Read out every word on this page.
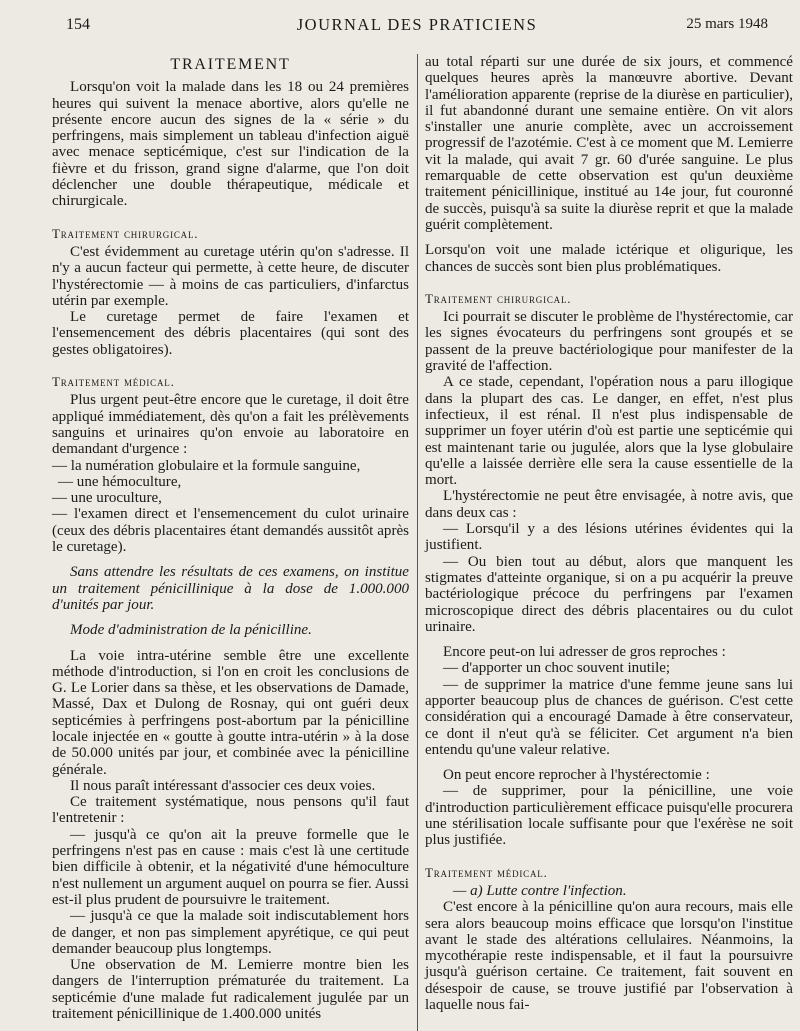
154	JOURNAL DES PRATICIENS	25 mars 1948

TRAITEMENT

Lorsqu'on voit la malade dans les 18 ou 24 premières heures qui suivent la menace abortive, alors qu'elle ne présente encore aucun des signes de la « série » du perfringens, mais simplement un tableau d'infection aiguë avec menace septicémique, c'est sur l'indication de la fièvre et du frisson, grand signe d'alarme, que l'on doit déclencher une double thérapeutique, médicale et chirurgicale.

Traitement chirurgical.

C'est évidemment au curetage utérin qu'on s'adresse. Il n'y a aucun facteur qui permette, à cette heure, de discuter l'hystérectomie — à moins de cas particuliers, d'infarctus utérin par exemple.

Le curetage permet de faire l'examen et l'ensemencement des débris placentaires (qui sont des gestes obligatoires).

Traitement médical.

Plus urgent peut-être encore que le curetage, il doit être appliqué immédiatement, dès qu'on a fait les prélèvements sanguins et urinaires qu'on envoie au laboratoire en demandant d'urgence :

— la numération globulaire et la formule sanguine,

— une hémoculture,

— une uroculture,

— l'examen direct et l'ensemencement du culot urinaire (ceux des débris placentaires étant demandés aussitôt après le curetage).

Sans attendre les résultats de ces examens, on institue un traitement pénicillinique à la dose de 1.000.000 d'unités par jour.

Mode d'administration de la pénicilline.

La voie intra-utérine semble être une excellente méthode d'introduction, si l'on en croit les conclusions de G. Le Lorier dans sa thèse, et les observations de Damade, Massé, Dax et Dulong de Rosnay, qui ont guéri deux septicémies à perfringens post-abortum par la pénicilline locale injectée en « goutte à goutte intra-utérin » à la dose de 50.000 unités par jour, et combinée avec la pénicilline générale.

Il nous paraît intéressant d'associer ces deux voies.

Ce traitement systématique, nous pensons qu'il faut l'entretenir :

— jusqu'à ce qu'on ait la preuve formelle que le perfringens n'est pas en cause : mais c'est là une certitude bien difficile à obtenir, et la négativité d'une hémoculture n'est nullement un argument auquel on pourra se fier. Aussi est-il plus prudent de poursuivre le traitement.

— jusqu'à ce que la malade soit indiscutablement hors de danger, et non pas simplement apyrétique, ce qui peut demander beaucoup plus longtemps.

Une observation de M. Lemierre montre bien les dangers de l'interruption prématurée du traitement. La septicémie d'une malade fut radicalement jugulée par un traitement pénicillinique de 1.400.000 unités

au total réparti sur une durée de six jours, et commencé quelques heures après la manœuvre abortive. Devant l'amélioration apparente (reprise de la diurèse en particulier), il fut abandonné durant une semaine entière. On vit alors s'installer une anurie complète, avec un accroissement progressif de l'azotémie. C'est à ce moment que M. Lemierre vit la malade, qui avait 7 gr. 60 d'urée sanguine. Le plus remarquable de cette observation est qu'un deuxième traitement pénicillinique, institué au 14e jour, fut couronné de succès, puisqu'à sa suite la diurèse reprit et que la malade guérit complètement.

Lorsqu'on voit une malade ictérique et oligurique, les chances de succès sont bien plus problématiques.

Traitement chirurgical.

Ici pourrait se discuter le problème de l'hystérectomie, car les signes évocateurs du perfringens sont groupés et se passent de la preuve bactériologique pour manifester de la gravité de l'affection.

A ce stade, cependant, l'opération nous a paru illogique dans la plupart des cas. Le danger, en effet, n'est plus infectieux, il est rénal. Il n'est plus indispensable de supprimer un foyer utérin d'où est partie une septicémie qui est maintenant tarie ou jugulée, alors que la lyse globulaire qu'elle a laissée derrière elle sera la cause essentielle de la mort.

L'hystérectomie ne peut être envisagée, à notre avis, que dans deux cas :

— Lorsqu'il y a des lésions utérines évidentes qui la justifient.

— Ou bien tout au début, alors que manquent les stigmates d'atteinte organique, si on a pu acquérir la preuve bactériologique précoce du perfringens par l'examen microscopique direct des débris placentaires ou du culot urinaire.

Encore peut-on lui adresser de gros reproches :

— d'apporter un choc souvent inutile;

— de supprimer la matrice d'une femme jeune sans lui apporter beaucoup plus de chances de guérison. C'est cette considération qui a encouragé Damade à être conservateur, ce dont il n'eut qu'à se féliciter. Cet argument n'a bien entendu qu'une valeur relative.

On peut encore reprocher à l'hystérectomie :

— de supprimer, pour la pénicilline, une voie d'introduction particulièrement efficace puisqu'elle procurera une stérilisation locale suffisante pour que l'exérèse ne soit plus justifiée.

Traitement médical.

— a) Lutte contre l'infection.

C'est encore à la pénicilline qu'on aura recours, mais elle sera alors beaucoup moins efficace que lorsqu'on l'institue avant le stade des altérations cellulaires. Néanmoins, la mycothérapie reste indispensable, et il faut la poursuivre jusqu'à guérison certaine. Ce traitement, fait souvent en désespoir de cause, se trouve justifié par l'observation à laquelle nous fai-
